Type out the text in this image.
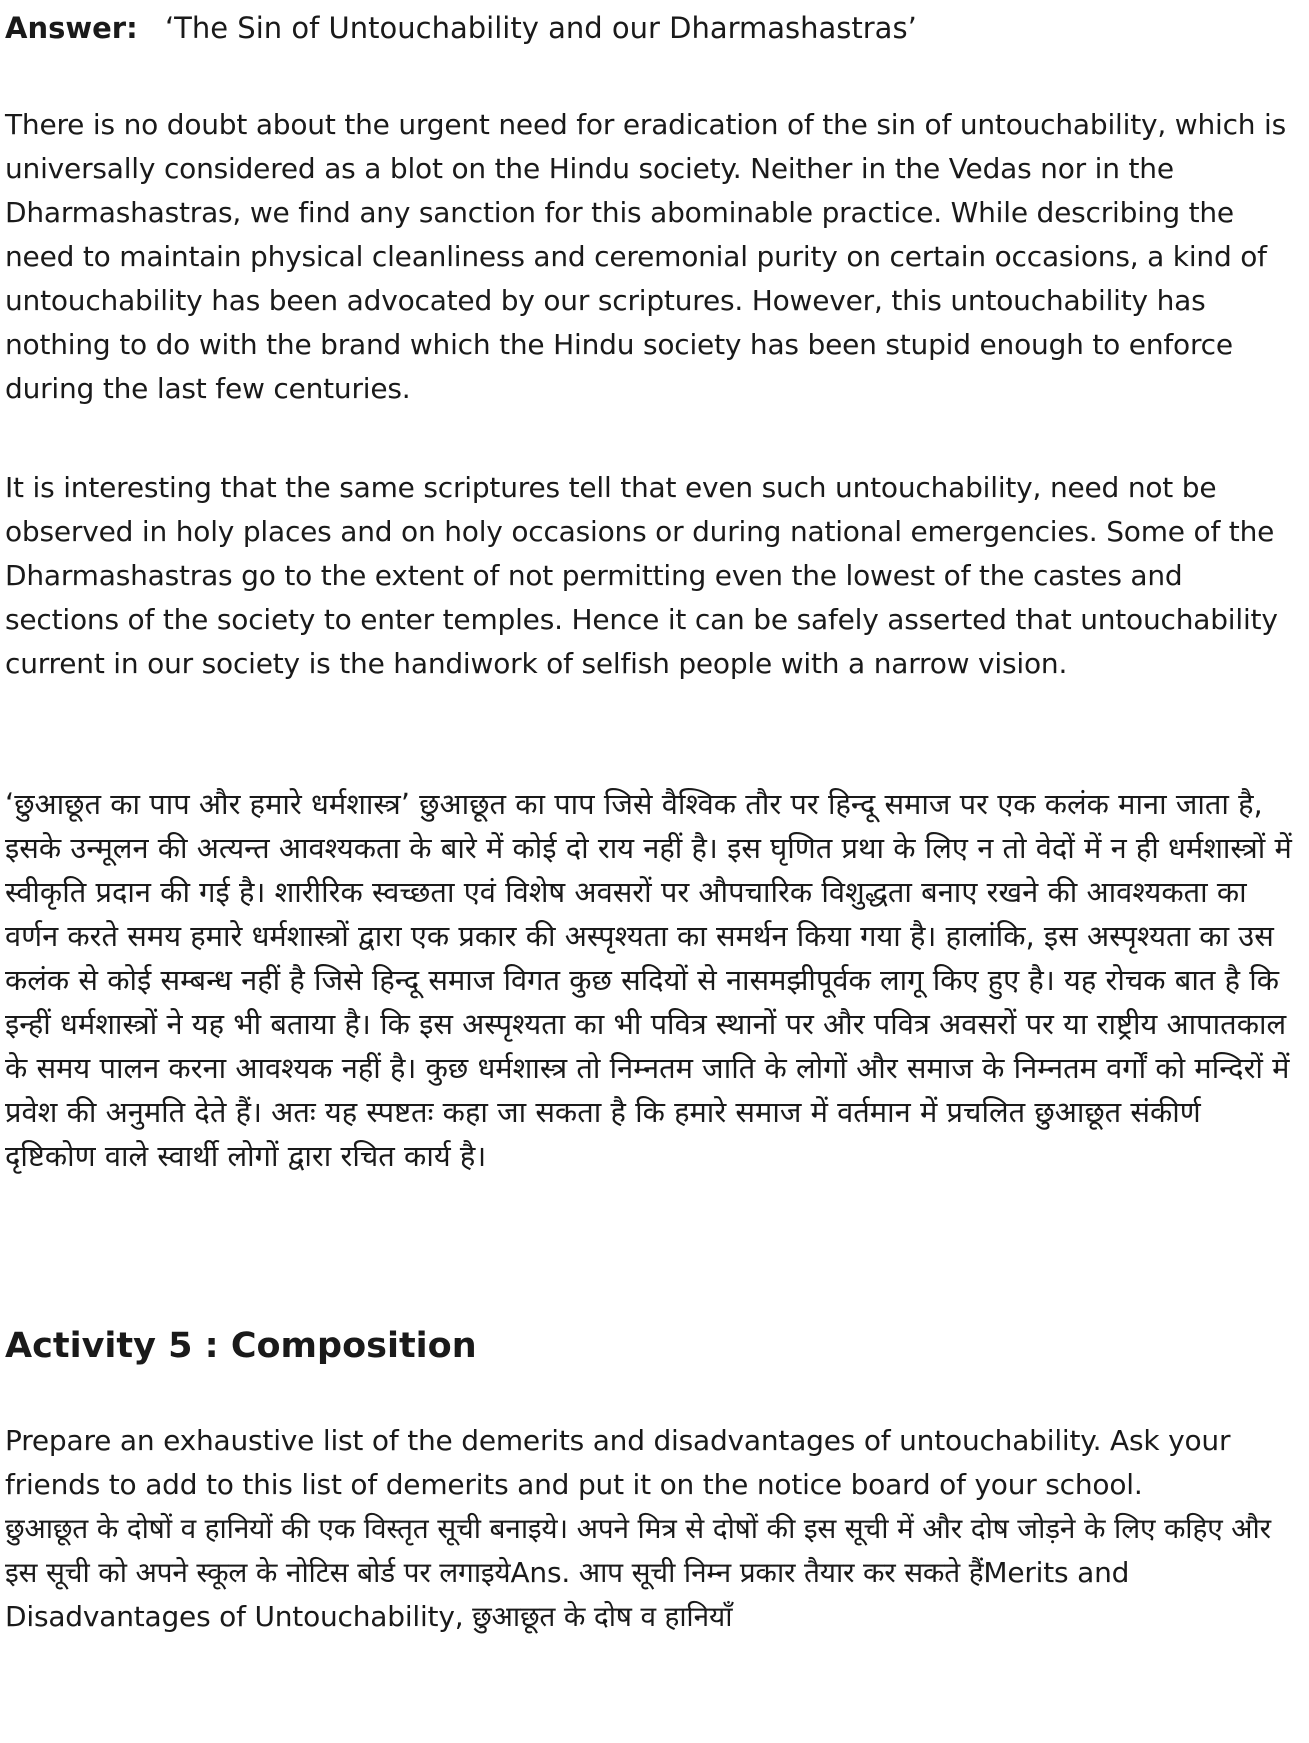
Answer: ‘The Sin of Untouchability and our Dharmashastras’

There is no doubt about the urgent need for eradication of the sin of untouchability, which is universally considered as a blot on the Hindu society. Neither in the Vedas nor in the Dharmashastras, we find any sanction for this abominable practice. While describing the need to maintain physical cleanliness and ceremonial purity on certain occasions, a kind of untouchability has been advocated by our scriptures. However, this untouchability has nothing to do with the brand which the Hindu society has been stupid enough to enforce during the last few centuries.

It is interesting that the same scriptures tell that even such untouchability, need not be observed in holy places and on holy occasions or during national emergencies. Some of the Dharmashastras go to the extent of not permitting even the lowest of the castes and sections of the society to enter temples. Hence it can be safely asserted that untouchability current in our society is the handiwork of selfish people with a narrow vision.

‘छुआछूत का पाप और हमारे धर्मशास्त्र’ छुआछूत का पाप जिसे वैश्विक तौर पर हिन्दू समाज पर एक कलंक माना जाता है, इसके उन्मूलन की अत्यन्त आवश्यकता के बारे में कोई दो राय नहीं है। इस घृणित प्रथा के लिए न तो वेदों में न ही धर्मशास्त्रों में स्वीकृति प्रदान की गई है। शारीरिक स्वच्छता एवं विशेष अवसरों पर औपचारिक विशुद्धता बनाए रखने की आवश्यकता का वर्णन करते समय हमारे धर्मशास्त्रों द्वारा एक प्रकार की अस्पृश्यता का समर्थन किया गया है। हालांकि, इस अस्पृश्यता का उस कलंक से कोई सम्बन्ध नहीं है जिसे हिन्दू समाज विगत कुछ सदियों से नासमझीपूर्वक लागू किए हुए है। यह रोचक बात है कि इन्हीं धर्मशास्त्रों ने यह भी बताया है। कि इस अस्पृश्यता का भी पवित्र स्थानों पर और पवित्र अवसरों पर या राष्ट्रीय आपातकाल के समय पालन करना आवश्यक नहीं है। कुछ धर्मशास्त्र तो निम्नतम जाति के लोगों और समाज के निम्नतम वर्गों को मन्दिरों में प्रवेश की अनुमति देते हैं। अतः यह स्पष्टतः कहा जा सकता है कि हमारे समाज में वर्तमान में प्रचलित छुआछूत संकीर्ण दृष्टिकोण वाले स्वार्थी लोगों द्वारा रचित कार्य है।

Activity 5 : Composition
Prepare an exhaustive list of the demerits and disadvantages of untouchability. Ask your friends to add to this list of demerits and put it on the notice board of your school.
छुआछूत के दोषों व हानियों की एक विस्तृत सूची बनाइये। अपने मित्र से दोषों की इस सूची में और दोष जोड़ने के लिए कहिए और इस सूची को अपने स्कूल के नोटिस बोर्ड पर लगाइयेAns. आप सूची निम्न प्रकार तैयार कर सकते हैंMerits and Disadvantages of Untouchability, छुआछूत के दोष व हानियाँ
